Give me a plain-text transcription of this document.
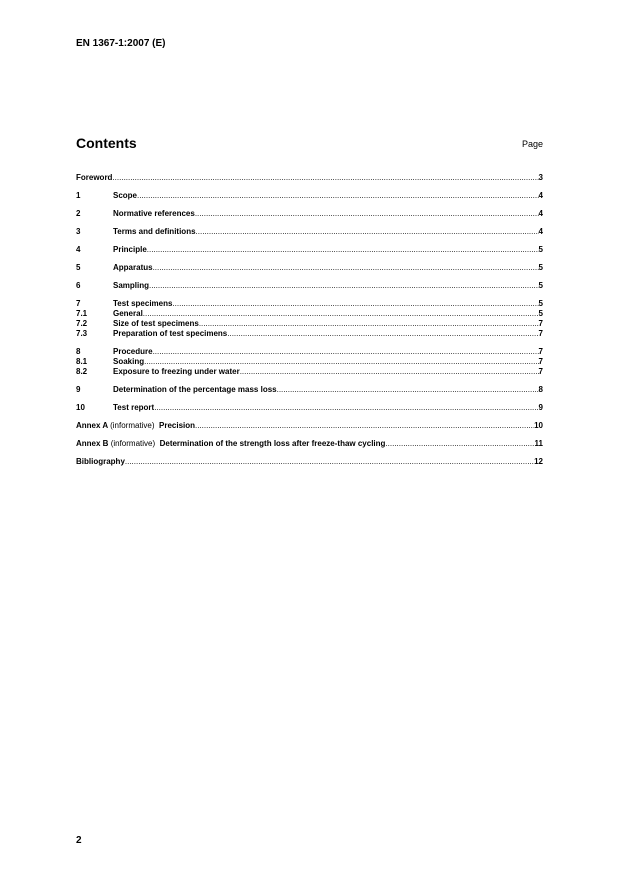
EN 1367-1:2007 (E)
Contents	Page
Foreword .....	3
1	Scope .....	4
2	Normative references .....	4
3	Terms and definitions .....	4
4	Principle .....	5
5	Apparatus .....	5
6	Sampling .....	5
7	Test specimens .....	5
7.1	General .....	5
7.2	Size of test specimens .....	7
7.3	Preparation of test specimens .....	7
8	Procedure .....	7
8.1	Soaking .....	7
8.2	Exposure to freezing under water .....	7
9	Determination of the percentage mass loss .....	8
10	Test report .....	9
Annex A (informative) Precision .....	10
Annex B (informative) Determination of the strength loss after freeze-thaw cycling .....	11
Bibliography .....	12
2
